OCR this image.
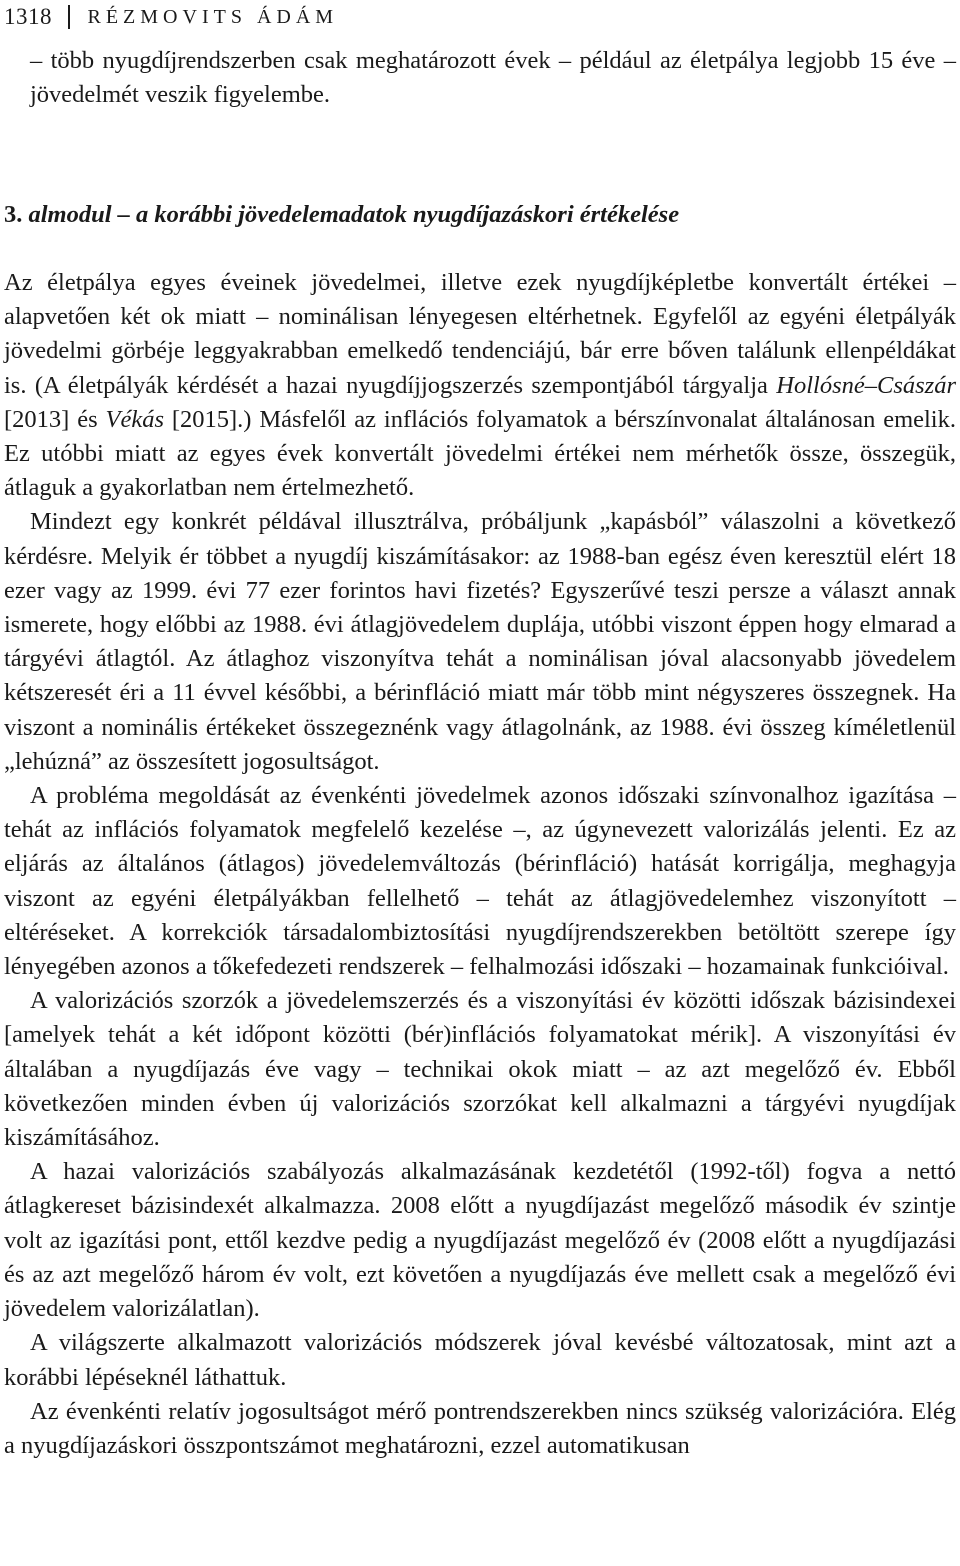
1318 RÉZMOVITS ÁDÁM

– több nyugdíjrendszerben csak meghatározott évek – például az életpálya legjobb 15 éve – jövedelmét veszik figyelembe.

3. almodul – a korábbi jövedelemadatok nyugdíjazáskori értékelése

Az életpálya egyes éveinek jövedelmei, illetve ezek nyugdíjképletbe konvertált értékei – alapvetően két ok miatt – nominálisan lényegesen eltérhetnek. Egyfelől az egyéni életpályák jövedelmi görbéje leggyakrabban emelkedő tendenciájú, bár erre bőven találunk ellenpéldákat is. (A életpályák kérdését a hazai nyugdíjjogszerzés szempontjából tárgyalja Hollósné–Császár [2013] és Vékás [2015].) Másfelől az inflációs folyamatok a bérszínvonalat általánosan emelik. Ez utóbbi miatt az egyes évek konvertált jövedelmi értékei nem mérhetők össze, összegük, átlaguk a gyakorlatban nem értelmezhető.

Mindezt egy konkrét példával illusztrálva, próbáljunk „kapásból” válaszolni a következő kérdésre. Melyik ér többet a nyugdíj kiszámításakor: az 1988-ban egész éven keresztül elért 18 ezer vagy az 1999. évi 77 ezer forintos havi fizetés? Egyszerűvé teszi persze a választ annak ismerete, hogy előbbi az 1988. évi átlagjövedelem duplája, utóbbi viszont éppen hogy elmarad a tárgyévi átlagtól. Az átlaghoz viszonyítva tehát a nominálisan jóval alacsonyabb jövedelem kétszeresét éri a 11 évvel későbbi, a bérinfláció miatt már több mint négyszeres összegnek. Ha viszont a nominális értékeket összegeznénk vagy átlagolnánk, az 1988. évi összeg kíméletlenül „lehúzná” az összesített jogosultságot.

A probléma megoldását az évenkénti jövedelmek azonos időszaki színvonalhoz igazítása – tehát az inflációs folyamatok megfelelő kezelése –, az úgynevezett valorizálás jelenti. Ez az eljárás az általános (átlagos) jövedelemváltozás (bérinfláció) hatását korrigálja, meghagyja viszont az egyéni életpályákban fellelhető – tehát az átlagjövedelemhez viszonyított – eltéréseket. A korrekciók társadalombiztosítási nyugdíjrendszerekben betöltött szerepe így lényegében azonos a tőkefedezeti rendszerek – felhalmozási időszaki – hozamainak funkcióival.

A valorizációs szorzók a jövedelemszerzés és a viszonyítási év közötti időszak bázisindexei [amelyek tehát a két időpont közötti (bér)inflációs folyamatokat mérik]. A viszonyítási év általában a nyugdíjazás éve vagy – technikai okok miatt – az azt megelőző év. Ebből következően minden évben új valorizációs szorzókat kell alkalmazni a tárgyévi nyugdíjak kiszámításához.

A hazai valorizációs szabályozás alkalmazásának kezdetétől (1992-től) fogva a nettó átlagkereset bázisindexét alkalmazza. 2008 előtt a nyugdíjazást megelőző második év szintje volt az igazítási pont, ettől kezdve pedig a nyugdíjazást megelőző év (2008 előtt a nyugdíjazási és az azt megelőző három év volt, ezt követően a nyugdíjazás éve mellett csak a megelőző évi jövedelem valorizálatlan).

A világszerte alkalmazott valorizációs módszerek jóval kevésbé változatosak, mint azt a korábbi lépéseknél láthattuk.

Az évenkénti relatív jogosultságot mérő pontrendszerekben nincs szükség valorizációra. Elég a nyugdíjazáskori összpontszámot meghatározni, ezzel automatikusan
